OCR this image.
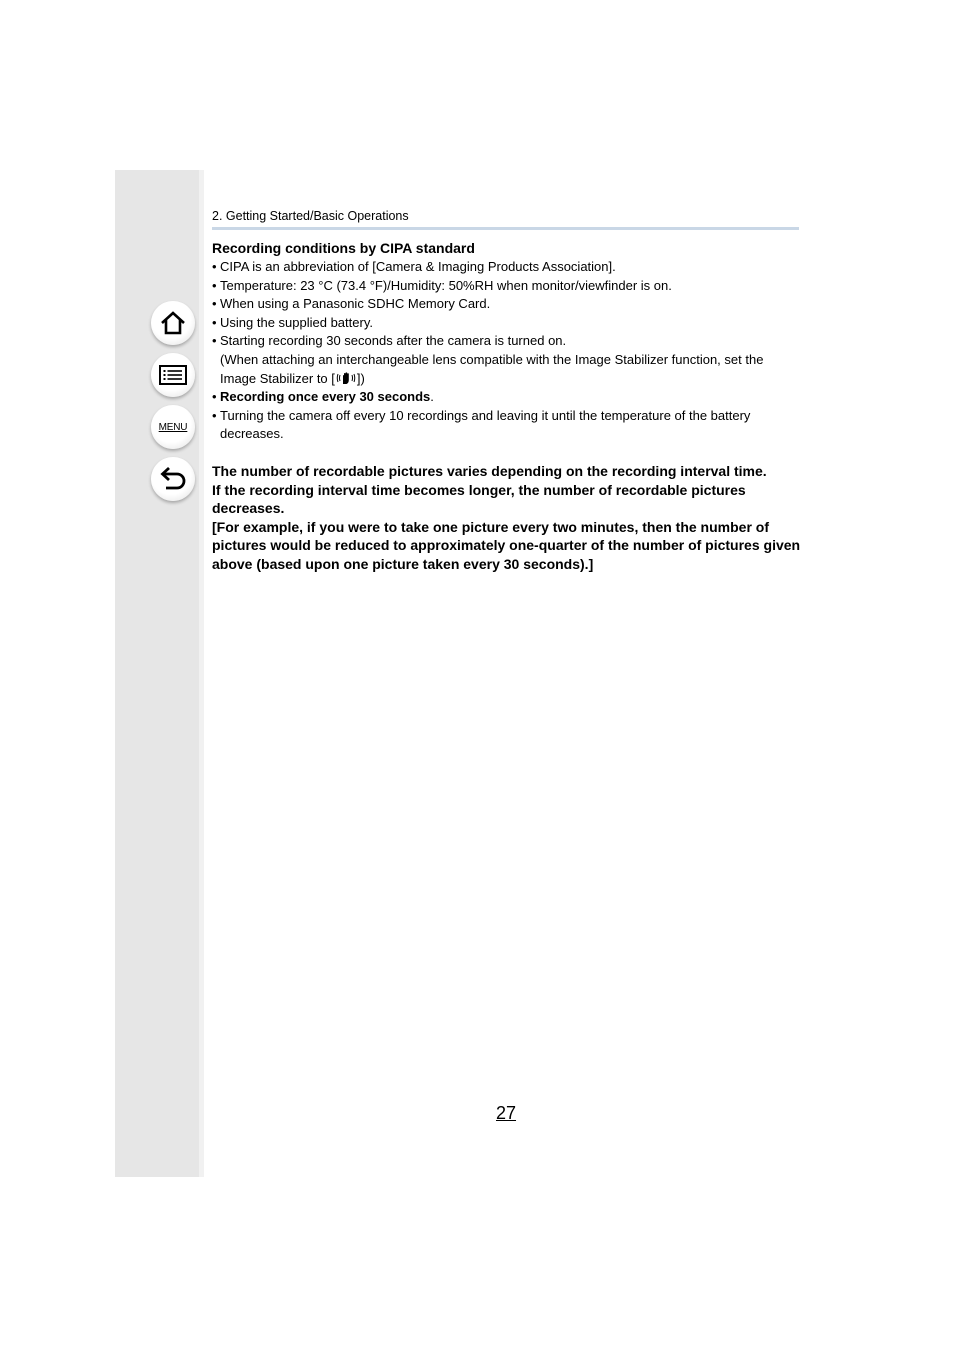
MENU
2. Getting Started/Basic Operations
Recording conditions by CIPA standard
• CIPA is an abbreviation of [Camera & Imaging Products Association].
• Temperature: 23 °C (73.4 °F)/Humidity: 50%RH when monitor/viewfinder is on.
• When using a Panasonic SDHC Memory Card.
• Using the supplied battery.
• Starting recording 30 seconds after the camera is turned on.
(When attaching an interchangeable lens compatible with the Image Stabilizer function, set the
Image Stabilizer to [ ])
• Recording once every 30 seconds.
• Turning the camera off every 10 recordings and leaving it until the temperature of the battery decreases.
The number of recordable pictures varies depending on the recording interval time.
If the recording interval time becomes longer, the number of recordable pictures decreases.
[For example, if you were to take one picture every two minutes, then the number of pictures would be reduced to approximately one-quarter of the number of pictures given above (based upon one picture taken every 30 seconds).]
27
